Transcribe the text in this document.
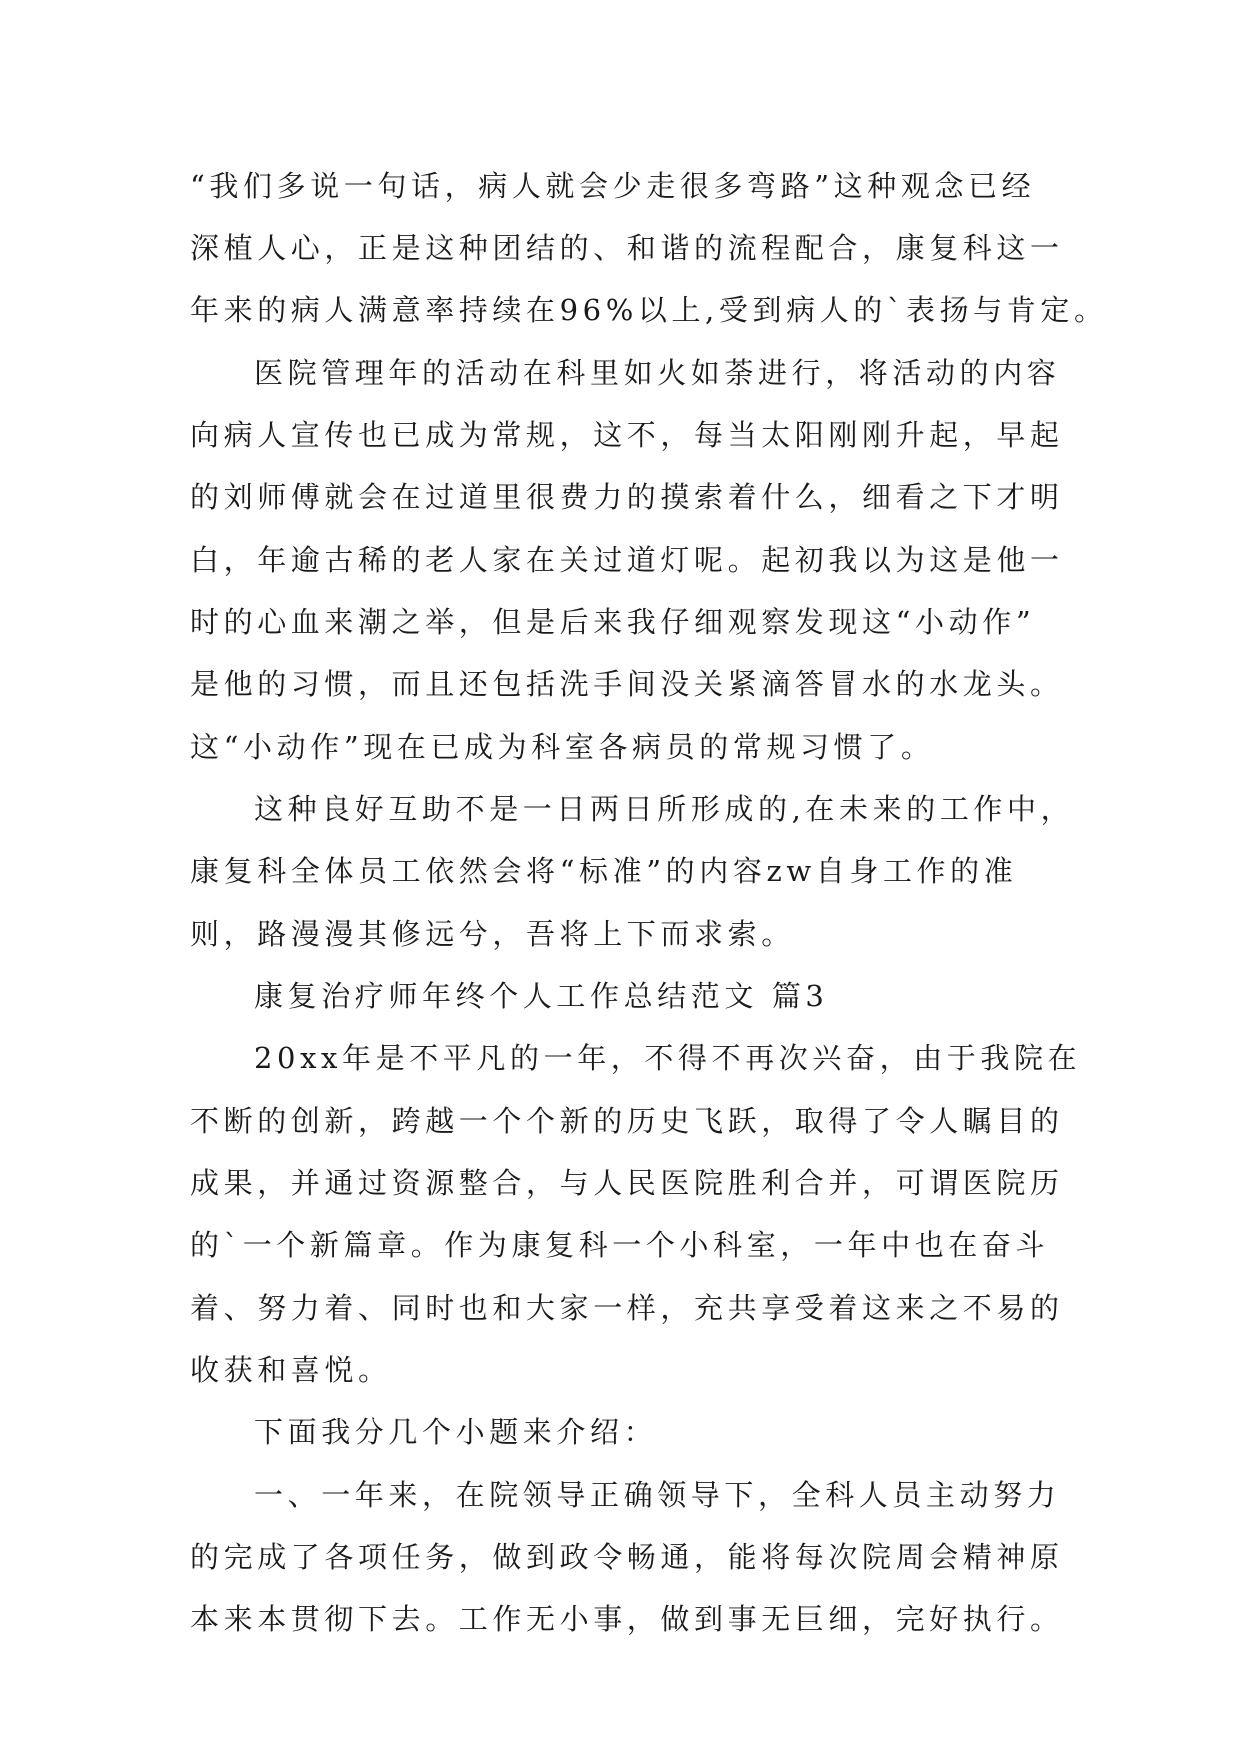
“我们多说一句话，病人就会少走很多弯路”这种观念已经
深植人心，正是这种团结的、和谐的流程配合，康复科这一
年来的病人满意率持续在96%以上,受到病人的`表扬与肯定。
医院管理年的活动在科里如火如荼进行，将活动的内容
向病人宣传也已成为常规，这不，每当太阳刚刚升起，早起
的刘师傅就会在过道里很费力的摸索着什么，细看之下才明
白，年逾古稀的老人家在关过道灯呢。起初我以为这是他一
时的心血来潮之举，但是后来我仔细观察发现这“小动作”
是他的习惯，而且还包括洗手间没关紧滴答冒水的水龙头。
这“小动作”现在已成为科室各病员的常规习惯了。
这种良好互助不是一日两日所形成的,在未来的工作中，
康复科全体员工依然会将“标准”的内容zw自身工作的准
则，路漫漫其修远兮，吾将上下而求索。
康复治疗师年终个人工作总结范文 篇3
20xx年是不平凡的一年，不得不再次兴奋，由于我院在
不断的创新，跨越一个个新的历史飞跃，取得了令人瞩目的
成果，并通过资源整合，与人民医院胜利合并，可谓医院历
的`一个新篇章。作为康复科一个小科室，一年中也在奋斗
着、努力着、同时也和大家一样，充共享受着这来之不易的
收获和喜悦。
下面我分几个小题来介绍：
一、一年来，在院领导正确领导下，全科人员主动努力
的完成了各项任务，做到政令畅通，能将每次院周会精神原
本来本贯彻下去。工作无小事，做到事无巨细，完好执行。
